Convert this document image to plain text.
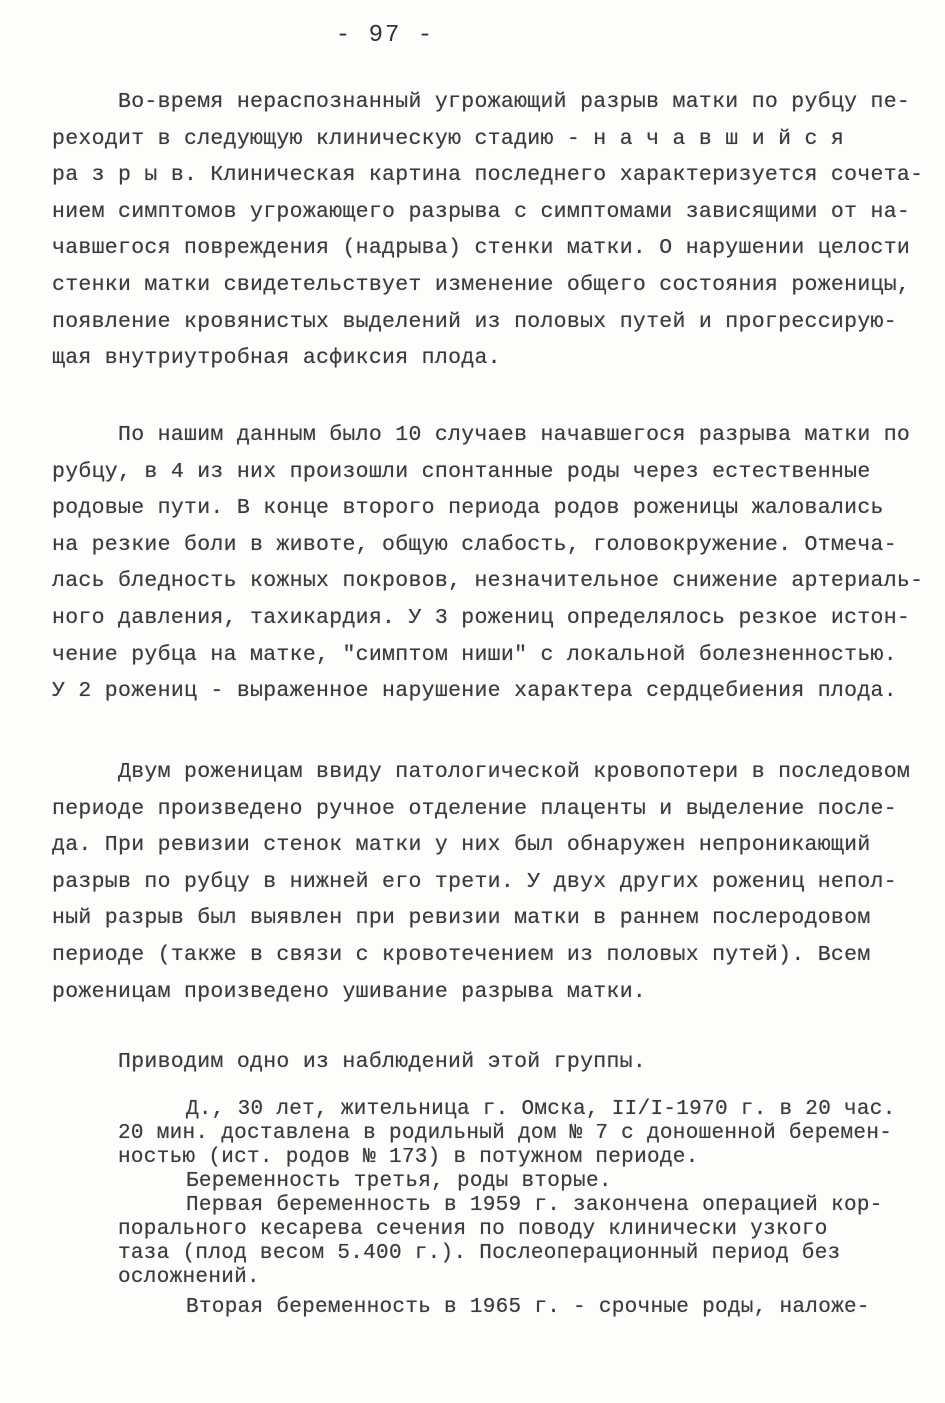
- 97 -

Во-время нераспознанный угрожающий разрыв матки по рубцу пе-

реходит в следующую клиническую стадию - н а ч а в ш и й с я

ра з р ы в. Клиническая картина последнего характеризуется сочета-

нием симптомов угрожающего разрыва с симптомами зависящими от на-

чавшегося повреждения (надрыва) стенки матки. О нарушении целости

стенки матки свидетельствует изменение общего состояния роженицы,

появление кровянистых выделений из половых путей и прогрессирую-

щая внутриутробная асфиксия плода.

По нашим данным было 10 случаев начавшегося разрыва матки по

рубцу, в 4 из них произошли спонтанные роды через естественные

родовые пути. В конце второго периода родов роженицы жаловались

на резкие боли в животе, общую слабость, головокружение. Отмеча-

лась бледность кожных покровов, незначительное снижение артериаль-

ного давления, тахикардия. У 3 рожениц определялось резкое истон-

чение рубца на матке, "симптом ниши" с локальной болезненностью.

У 2 рожениц - выраженное нарушение характера сердцебиения плода.

Двум роженицам ввиду патологической кровопотери в последовом

периоде произведено ручное отделение плаценты и выделение после-

да. При ревизии стенок матки у них был обнаружен непроникающий

разрыв по рубцу в нижней его трети. У двух других рожениц непол-

ный разрыв был выявлен при ревизии матки в раннем послеродовом

периоде (также в связи с кровотечением из половых путей). Всем

роженицам произведено ушивание разрыва матки.

Приводим одно из наблюдений этой группы.

Д., 30 лет, жительница г. Омска, II/I-1970 г. в 20 час.

20 мин. доставлена в родильный дом № 7 с доношенной беремен-

ностью (ист. родов № 173) в потужном периоде.

Беременность третья, роды вторые.

Первая беременность в 1959 г. закончена операцией кор-

порального кесарева сечения по поводу клинически узкого

таза (плод весом 5.400 г.). Послеоперационный период без

осложнений.

Вторая беременность в 1965 г. - срочные роды, наложе-
